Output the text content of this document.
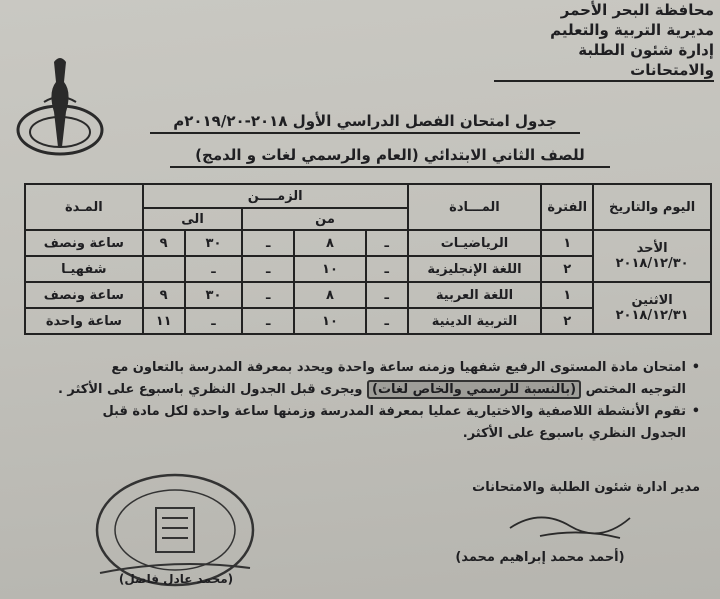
محافظة البحر الأحمر
مديرية التربية والتعليم
إدارة شئون الطلبة والامتحانات
جدول امتحان الفصل الدراسي الأول ٢٠١٨-٢٠١٩/٢٠م
للصف الثاني الابتدائي (العام والرسمي لغات و الدمج)
اليوم والتاريخ	الفترة	المـــادة	الزمــــن					المـدة
			من			الى		

الأحد
٢٠١٨/١٢/٣٠	١	الرياضيـات	ـ	٨	ـ	٣٠	٩	ساعة ونصف
	٢	اللغة الإنجليزية	ـ	١٠	ـ	ـ		شفهيـا

الاثنين
٢٠١٨/١٢/٣١	١	اللغة العربية	ـ	٨	ـ	٣٠	٩	ساعة ونصف
	٢	التربية الدينية	ـ	١٠	ـ	ـ	١١	ساعة واحدة
• امتحان مادة المستوى الرفيع شفهيا وزمنه ساعة واحدة ويحدد بمعرفة المدرسة بالتعاون مع
التوجيه المختص (بالنسبة للرسمي والخاص لغات) ويجرى قبل الجدول النظري باسبوع على الأكثر .
• تقوم الأنشطة اللاصفية والاختيارية عمليا بمعرفة المدرسة وزمنها ساعة واحدة لكل مادة قبل
الجدول النظري باسبوع على الأكثر.
مدير ادارة شئون الطلبة والامتحانات
(أحمد محمد إبراهيم محمد)
(محمد عادل فاضل)
